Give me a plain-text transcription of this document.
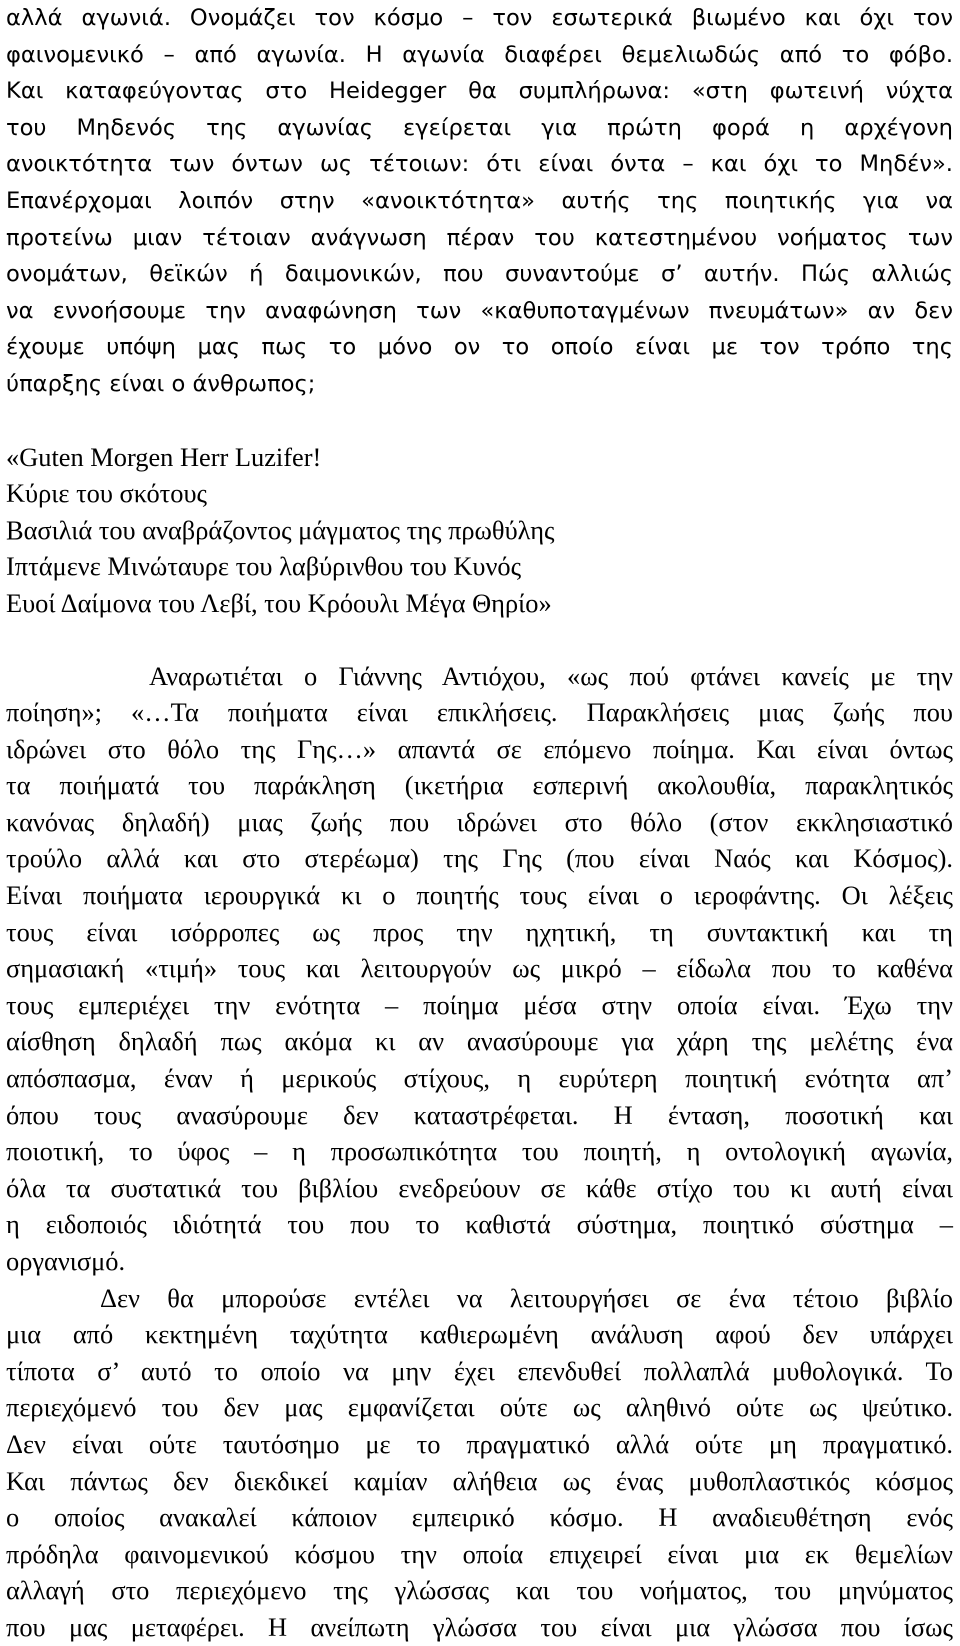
αλλά αγωνιά. Ονομάζει τον κόσμο – τον εσωτερικά βιωμένο και όχι τον
φαινομενικό – από αγωνία. Η αγωνία διαφέρει θεμελιωδώς από το φόβο.
Και καταφεύγοντας στο Heidegger θα συμπλήρωνα: «στη φωτεινή νύχτα
του Μηδενός της αγωνίας εγείρεται για πρώτη φορά η αρχέγονη
ανοικτότητα των όντων ως τέτοιων: ότι είναι όντα – και όχι το Μηδέν».
Επανέρχομαι λοιπόν στην «ανοικτότητα» αυτής της ποιητικής για να
προτείνω μιαν τέτοιαν ανάγνωση πέραν του κατεστημένου νοήματος των
ονομάτων, θεϊκών ή δαιμονικών, που συναντούμε σ’ αυτήν. Πώς αλλιώς
να εννοήσουμε την αναφώνηση των «καθυποταγμένων πνευμάτων» αν δεν
έχουμε υπόψη μας πως το μόνο ον το οποίο είναι με τον τρόπο της
ύπαρξης είναι ο άνθρωπος;
«Guten Morgen Herr Luzifer!
Κύριε του σκότους
Βασιλιά του αναβράζοντος μάγματος της πρωθύλης
Ιπτάμενε Μινώταυρε του λαβύρινθου του Κυνός
Ευοί Δαίμονα του Λεβί, του Κρόουλι Μέγα Θηρίο»
Αναρωτιέται ο Γιάννης Αντιόχου, «ως πού φτάνει κανείς με την
ποίηση»; «…Τα ποιήματα είναι επικλήσεις. Παρακλήσεις μιας ζωής που
ιδρώνει στο θόλο της Γης…» απαντά σε επόμενο ποίημα. Και είναι όντως
τα ποιήματά του παράκληση (ικετήρια εσπερινή ακολουθία, παρακλητικός
κανόνας δηλαδή) μιας ζωής που ιδρώνει στο θόλο (στον εκκλησιαστικό
τρούλο αλλά και στο στερέωμα) της Γης (που είναι Ναός και Κόσμος).
Είναι ποιήματα ιερουργικά κι ο ποιητής τους είναι ο ιεροφάντης. Οι λέξεις
τους είναι ισόρροπες ως προς την ηχητική, τη συντακτική και τη
σημασιακή «τιμή» τους και λειτουργούν ως μικρό – είδωλα που το καθένα
τους εμπεριέχει την ενότητα – ποίημα μέσα στην οποία είναι. Έχω την
αίσθηση δηλαδή πως ακόμα κι αν ανασύρουμε για χάρη της μελέτης ένα
απόσπασμα, έναν ή μερικούς στίχους, η ευρύτερη ποιητική ενότητα απ’
όπου τους ανασύρουμε δεν καταστρέφεται. Η ένταση, ποσοτική και
ποιοτική, το ύφος – η προσωπικότητα του ποιητή, η οντολογική αγωνία,
όλα τα συστατικά του βιβλίου ενεδρεύουν σε κάθε στίχο του κι αυτή είναι
η ειδοποιός ιδιότητά του που το καθιστά σύστημα, ποιητικό σύστημα –
οργανισμό.
Δεν θα μπορούσε εντέλει να λειτουργήσει σε ένα τέτοιο βιβλίο
μια από κεκτημένη ταχύτητα καθιερωμένη ανάλυση αφού δεν υπάρχει
τίποτα σ’ αυτό το οποίο να μην έχει επενδυθεί πολλαπλά μυθολογικά. Το
περιεχόμενό του δεν μας εμφανίζεται ούτε ως αληθινό ούτε ως ψεύτικο.
Δεν είναι ούτε ταυτόσημο με το πραγματικό αλλά ούτε μη πραγματικό.
Και πάντως δεν διεκδικεί καμίαν αλήθεια ως ένας μυθοπλαστικός κόσμος
ο οποίος ανακαλεί κάποιον εμπειρικό κόσμο. Η αναδιευθέτηση ενός
πρόδηλα φαινομενικού κόσμου την οποία επιχειρεί είναι μια εκ θεμελίων
αλλαγή στο περιεχόμενο της γλώσσας και του νοήματος, του μηνύματος
που μας μεταφέρει. Η ανείπωτη γλώσσα του είναι μια γλώσσα που ίσως
